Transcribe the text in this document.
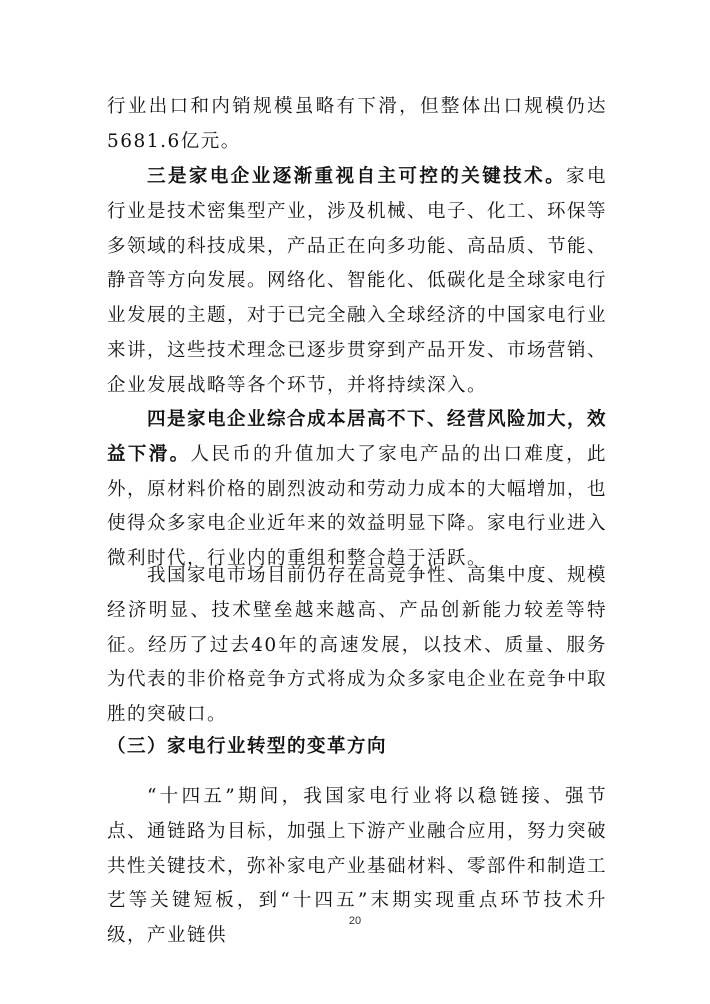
行业出口和内销规模虽略有下滑，但整体出口规模仍达5681.6亿元。

三是家电企业逐渐重视自主可控的关键技术。家电行业是技术密集型产业，涉及机械、电子、化工、环保等多领域的科技成果，产品正在向多功能、高品质、节能、静音等方向发展。网络化、智能化、低碳化是全球家电行业发展的主题，对于已完全融入全球经济的中国家电行业来讲，这些技术理念已逐步贯穿到产品开发、市场营销、企业发展战略等各个环节，并将持续深入。

四是家电企业综合成本居高不下、经营风险加大，效益下滑。人民币的升值加大了家电产品的出口难度，此外，原材料价格的剧烈波动和劳动力成本的大幅增加，也使得众多家电企业近年来的效益明显下降。家电行业进入微利时代，行业内的重组和整合趋于活跃。

我国家电市场目前仍存在高竞争性、高集中度、规模经济明显、技术壁垒越来越高、产品创新能力较差等特征。经历了过去40年的高速发展，以技术、质量、服务为代表的非价格竞争方式将成为众多家电企业在竞争中取胜的突破口。

（三）家电行业转型的变革方向

“十四五”期间，我国家电行业将以稳链接、强节点、通链路为目标，加强上下游产业融合应用，努力突破共性关键技术，弥补家电产业基础材料、零部件和制造工艺等关键短板，到“十四五”末期实现重点环节技术升级，产业链供

20
